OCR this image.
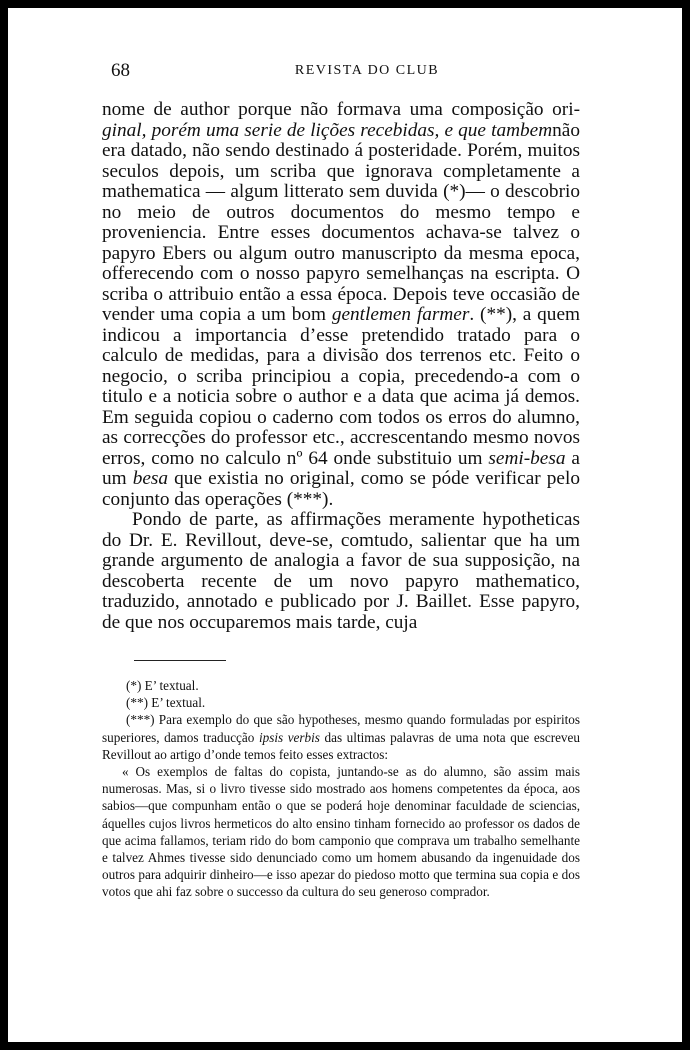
68	REVISTA DO CLUB

nome de author porque não formava uma composição ori-ginal, porém uma serie de lições recebidas, e que tambemnão era datado, não sendo destinado á posteridade. Porém, muitos seculos depois, um scriba que ignorava completamente a mathematica — algum litterato sem duvida (*)— o descobrio no meio de outros documentos do mesmo tempo e proveniencia. Entre esses documentos achava-se talvez o papyro Ebers ou algum outro manuscripto da mesma epoca, offerecendo com o nosso papyro semelhanças na escripta. O scriba o attribuio então a essa época. Depois teve occasião de vender uma copia a um bom gentlemen farmer. (**), a quem indicou a importancia d’esse pretendido tratado para o calculo de medidas, para a divisão dos terrenos etc. Feito o negocio, o scriba principiou a copia, precedendo-a com o titulo e a noticia sobre o author e a data que acima já demos. Em seguida copiou o caderno com todos os erros do alumno, as correcções do professor etc., accrescentando mesmo novos erros, como no calculo nº 64 onde substituio um semi-besa a um besa que existia no original, como se póde verificar pelo conjunto das operações (***).

Pondo de parte, as affirmações meramente hypotheticas do Dr. E. Revillout, deve-se, comtudo, salientar que ha um grande argumento de analogia a favor de sua supposição, na descoberta recente de um novo papyro mathematico, traduzido, annotado e publicado por J. Baillet. Esse papyro, de que nos occuparemos mais tarde, cuja

(*) E’ textual.

(**) E’ textual.

(***) Para exemplo do que são hypotheses, mesmo quando formuladas por espiritos superiores, damos traducção ipsis verbis das ultimas palavras de uma nota que escreveu Revillout ao artigo d’onde temos feito esses extractos:

« Os exemplos de faltas do copista, juntando-se as do alumno, são assim mais numerosas. Mas, si o livro tivesse sido mostrado aos homens competentes da época, aos sabios—que compunham então o que se poderá hoje denominar faculdade de sciencias, áquelles cujos livros hermeticos do alto ensino tinham fornecido ao professor os dados de que acima fallamos, teriam rido do bom camponio que comprava um trabalho semelhante e talvez Ahmes tivesse sido denunciado como um homem abusando da ingenuidade dos outros para adquirir dinheiro—e isso apezar do piedoso motto que termina sua copia e dos votos que ahi faz sobre o successo da cultura do seu generoso comprador.
